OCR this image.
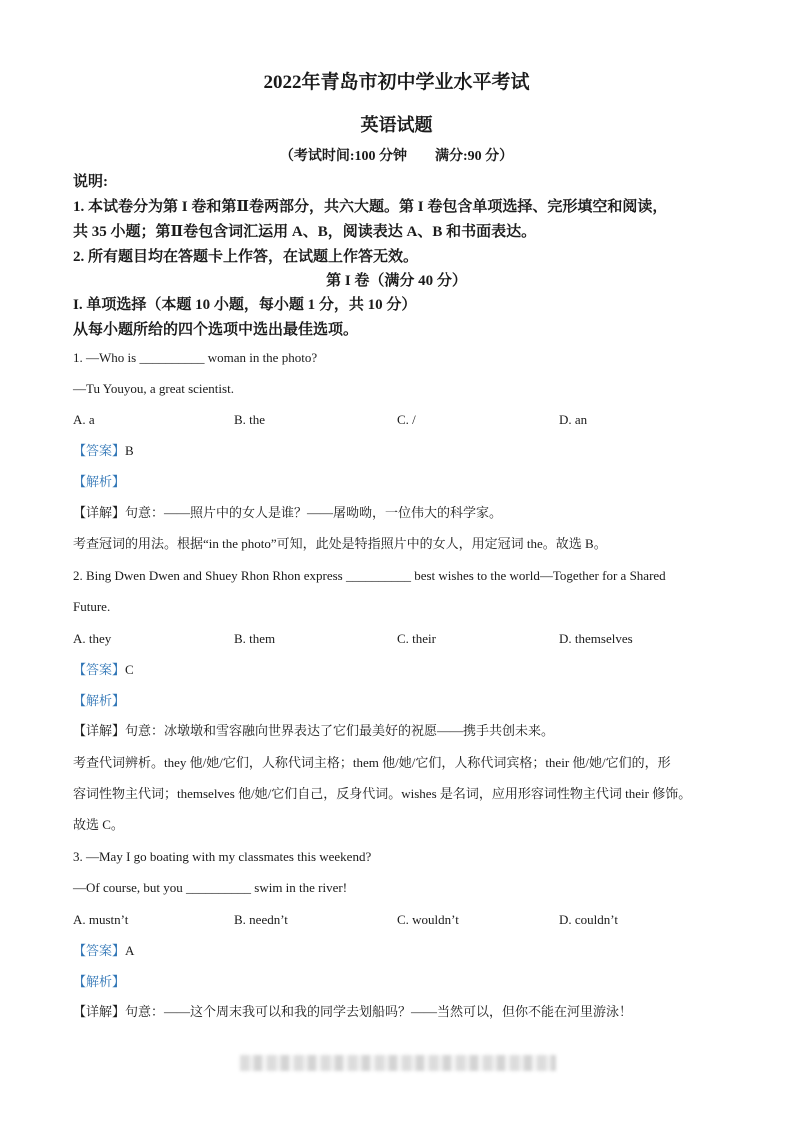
2022年青岛市初中学业水平考试
英语试题
（考试时间:100 分钟　　满分:90 分）
说明:
1. 本试卷分为第 I 卷和第Ⅱ卷两部分，共六大题。第 I 卷包含单项选择、完形填空和阅读，
共 35 小题；第Ⅱ卷包含词汇运用 A、B，阅读表达 A、B 和书面表达。
2. 所有题目均在答题卡上作答，在试题上作答无效。
第 I 卷（满分 40 分）
I. 单项选择（本题 10 小题，每小题 1 分，共 10 分）
从每小题所给的四个选项中选出最佳选项。
1. —Who is __________ woman in the photo?
—Tu Youyou, a great scientist.
A. a	B. the	C. /	D. an
【答案】B
【解析】
【详解】句意：——照片中的女人是谁？——屠呦呦，一位伟大的科学家。
考查冠词的用法。根据“in the photo”可知，此处是特指照片中的女人，用定冠词 the。故选 B。
2. Bing Dwen Dwen and Shuey Rhon Rhon express __________ best wishes to the world—Together for a Shared
Future.
A. they	B. them	C. their	D. themselves
【答案】C
【解析】
【详解】句意：冰墩墩和雪容融向世界表达了它们最美好的祝愿——携手共创未来。
考查代词辨析。they 他/她/它们，人称代词主格；them 他/她/它们，人称代词宾格；their 他/她/它们的，形
容词性物主代词；themselves 他/她/它们自己，反身代词。wishes 是名词，应用形容词性物主代词 their 修饰。
故选 C。
3. —May I go boating with my classmates this weekend?
—Of course, but you __________ swim in the river!
A. mustn’t	B. needn’t	C. wouldn’t	D. couldn’t
【答案】A
【解析】
【详解】句意：——这个周末我可以和我的同学去划船吗？——当然可以，但你不能在河里游泳！
